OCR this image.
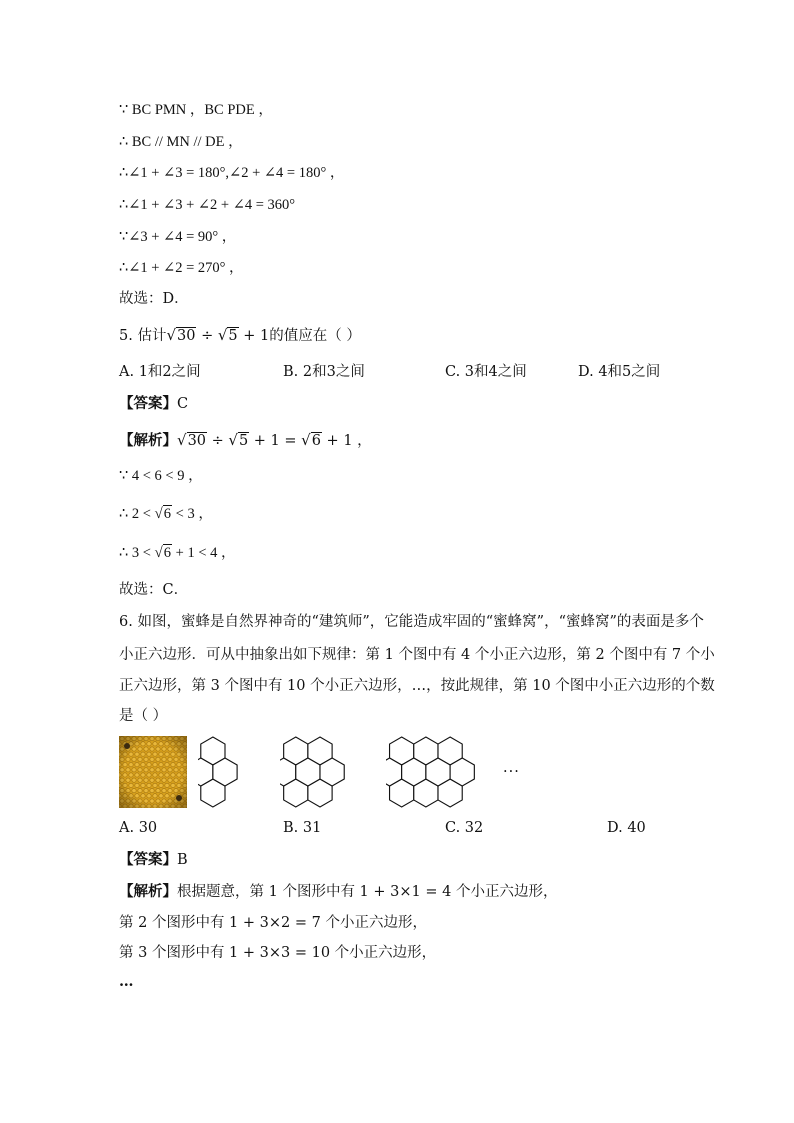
∵ BC PMN ，BC PDE ，
∴ BC // MN // DE ，
∴∠1 + ∠3 = 180°,∠2 + ∠4 = 180° ，
∴∠1 + ∠3 + ∠2 + ∠4 = 360°
∵∠3 + ∠4 = 90° ，
∴∠1 + ∠2 = 270° ，
故选：D．
5. 估计√30 ÷ √5 + 1的值应在（ ）
A. 1和2之间	B. 2和3之间	C. 3和4之间	D. 4和5之间
【答案】C
【解析】√30 ÷ √5 + 1 = √6 + 1 ，
∵ 4 < 6 < 9 ，
∴ 2 < √6 < 3 ，
∴ 3 < √6 + 1 < 4 ，
故选：C．
6. 如图，蜜蜂是自然界神奇的“建筑师”，它能造成牢固的“蜜蜂窝”，“蜜蜂窝”的表面是多个
小正六边形．可从中抽象出如下规律：第 1 个图中有 4 个小正六边形，第 2 个图中有 7 个小
正六边形，第 3 个图中有 10 个小正六边形，…，按此规律，第 10 个图中小正六边形的个数
是（ ）
···
A. 30	B. 31	C. 32	D. 40
【答案】B
【解析】根据题意，第 1 个图形中有 1 + 3×1 = 4 个小正六边形，
第 2 个图形中有 1 + 3×2 = 7 个小正六边形，
第 3 个图形中有 1 + 3×3 = 10 个小正六边形，
…
